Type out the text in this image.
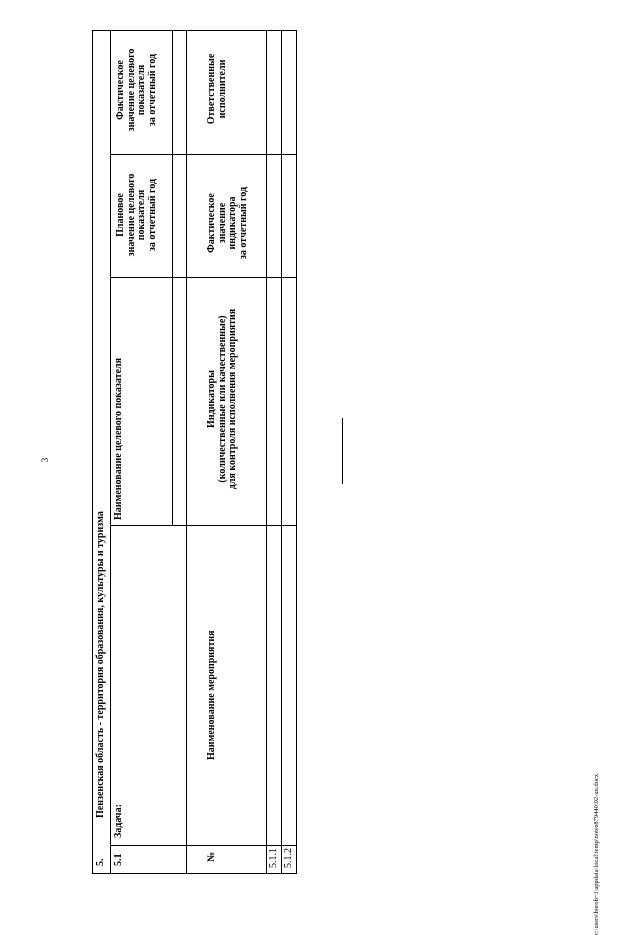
3
5.
Пензенская область - территория образования, культуры и туризма
5.1
Задача:
Наименование целевого показателя
Плановое
значение целевого
показателя
за отчетный год
Фактическое
значение целевого
показателя
за отчетный год
№
Наименование мероприятия
Индикаторы
(количественные или качественные)
для контроля исполнения мероприятия
Фактическое
значение
индикатора
за отчетный год
Ответственные
исполнители
5.1.1 5.1.2	c:\users\borob~1\appdata\local\temp\notes879440\92-un.docx
